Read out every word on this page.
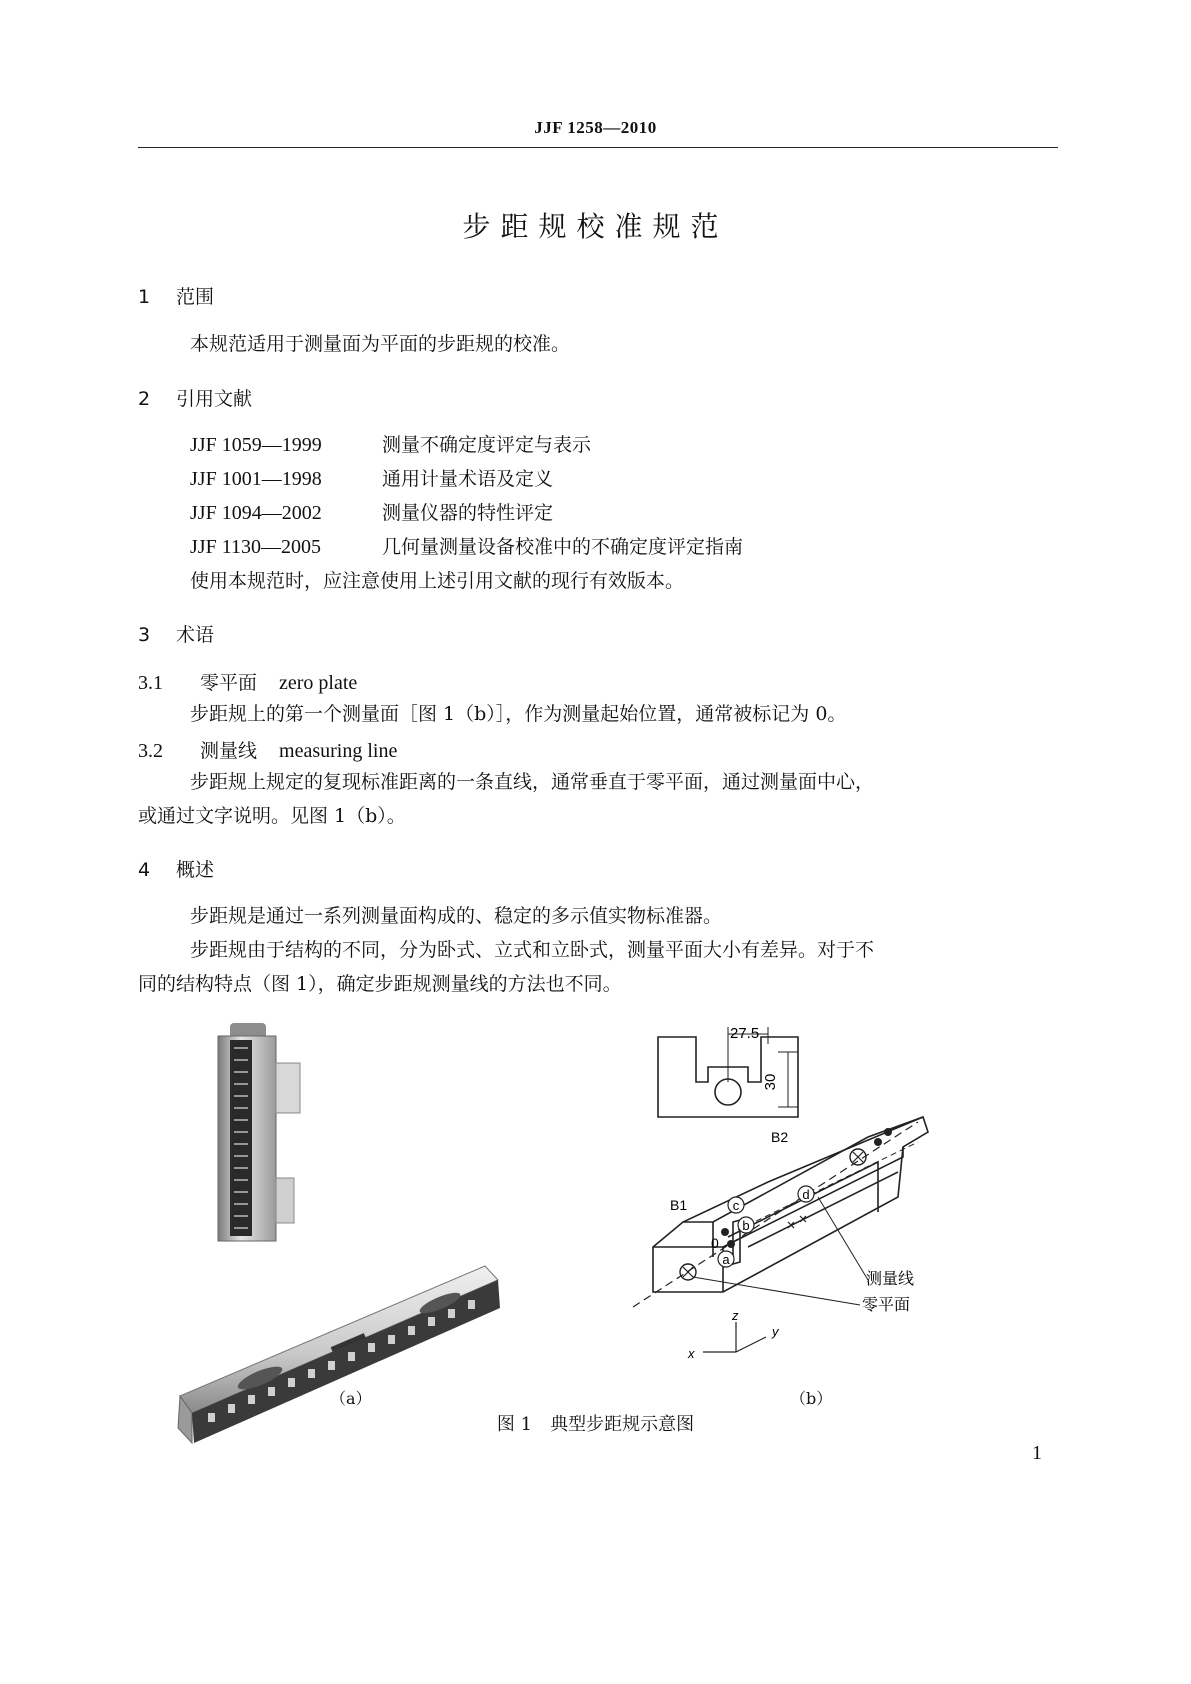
JJF 1258—2010
步距规校准规范
1 范围
本规范适用于测量面为平面的步距规的校准。
2 引用文献
JJF 1059—1999	测量不确定度评定与表示
JJF 1001—1998	通用计量术语及定义
JJF 1094—2002	测量仪器的特性评定
JJF 1130—2005	几何量测量设备校准中的不确定度评定指南
使用本规范时，应注意使用上述引用文献的现行有效版本。
3 术语
3.1 零平面 zero plate
步距规上的第一个测量面［图 1（b）］，作为测量起始位置，通常被标记为 0。
3.2 测量线 measuring line
步距规上规定的复现标准距离的一条直线，通常垂直于零平面，通过测量面中心，
或通过文字说明。见图 1（b）。
4 概述
步距规是通过一系列测量面构成的、稳定的多示值实物标准器。
步距规由于结构的不同，分为卧式、立式和立卧式，测量平面大小有差异。对于不
同的结构特点（图 1），确定步距规测量线的方法也不同。
c
b
a
d
0
27.5
30
B1
B2
测量线
零平面
z
x
y
（a）	（b）
图 1　典型步距规示意图
1
